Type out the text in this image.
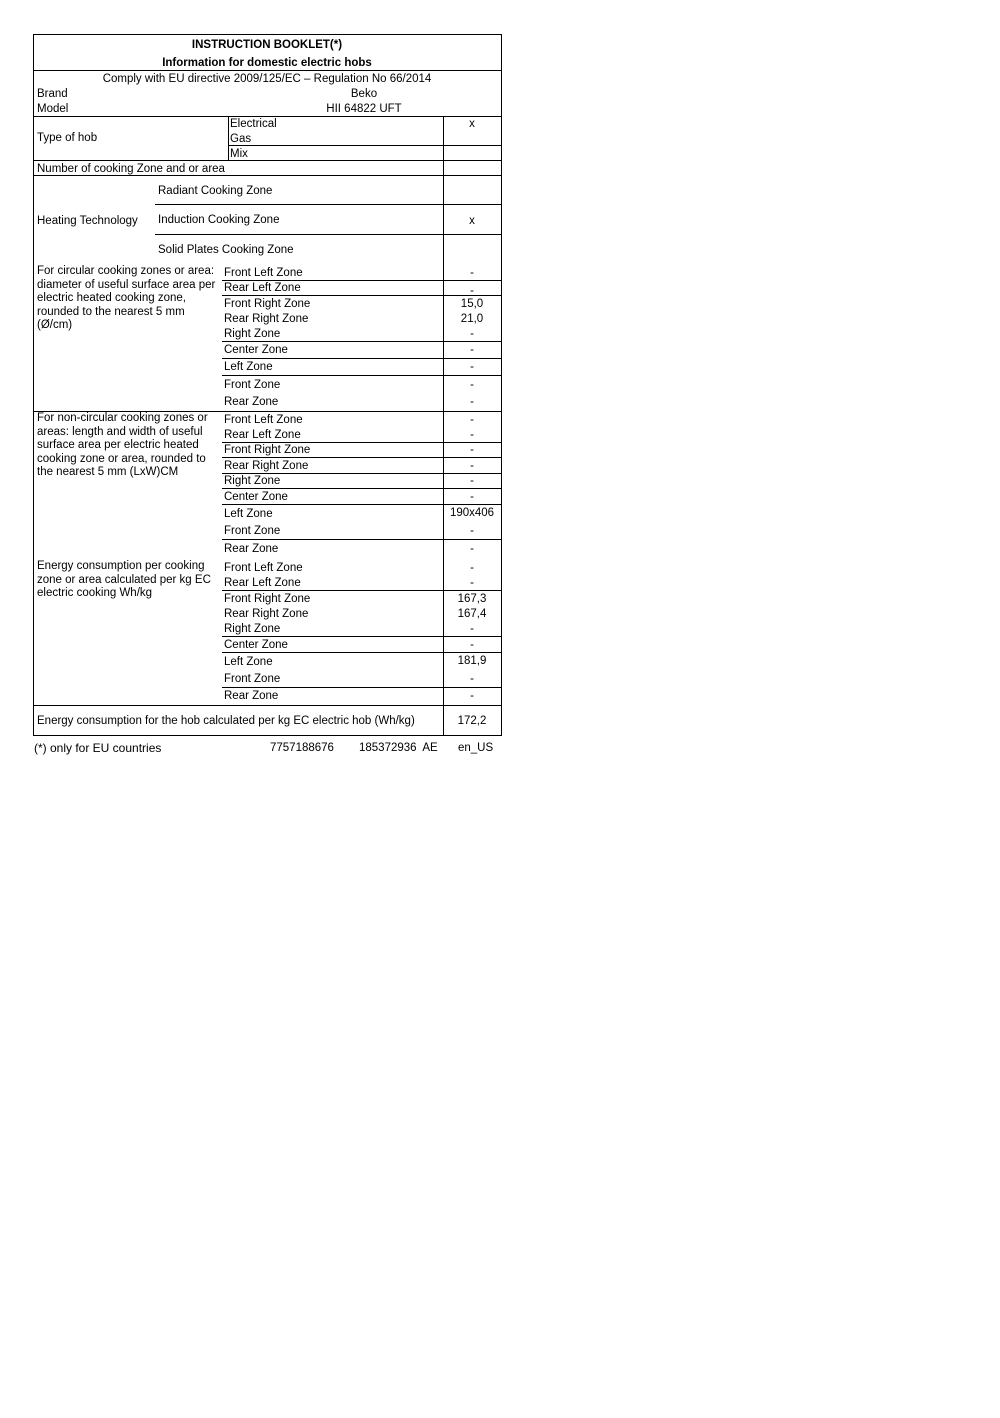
INSTRUCTION BOOKLET(*)
Information for domestic electric hobs
Comply with EU directive 2009/125/EC – Regulation No 66/2014
Brand	Beko
Model	HII 64822 UFT
Type of hob
Electrical	x
Gas
Mix
Number of cooking Zone and or area
Heating Technology
Radiant Cooking Zone
Induction Cooking Zone	x
Solid Plates Cooking Zone
For circular cooking zones or area: diameter of useful surface area per electric heated cooking zone, rounded to the nearest 5 mm (Ø/cm)
Front Left Zone	-
Rear Left Zone	-
Front Right Zone	15,0
Rear Right Zone	21,0
Right Zone	-
Center Zone	-
Left Zone	-
Front Zone	-
Rear Zone	-
For non-circular cooking zones or areas: length and width of useful surface area per electric heated cooking zone or area, rounded to the nearest 5 mm (LxW)CM
Front Left Zone	-
Rear Left Zone	-
Front Right Zone	-
Rear Right Zone	-
Right Zone	-
Center Zone	-
Left Zone	190x406
Front Zone	-
Rear Zone	-
Energy consumption per cooking zone or area calculated per kg EC electric cooking Wh/kg
Front Left Zone	-
Rear Left Zone	-
Front Right Zone	167,3
Rear Right Zone	167,4
Right Zone	-
Center Zone	-
Left Zone	181,9
Front Zone	-
Rear Zone	-
Energy consumption for the hob calculated per kg EC electric hob (Wh/kg)	172,2
(*) only for EU countries	7757188676 185372936  AE en_US
